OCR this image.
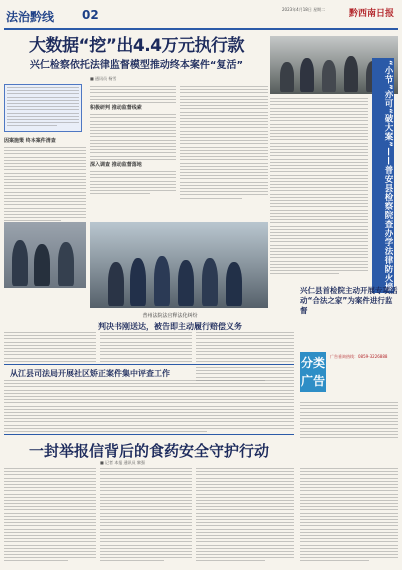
法治黔线 02	2023年4月18日 星期二	黔西南日报
大数据“挖”出4.4万元执行款
兴仁检察依托法律监督模型推动终本案件“复活”
■ 通讯员 杨雪
因案施策 终本案件清查
积极研判 推动监督线索
深入调查 推动监督落地	“小节”亦可“破大案”——普安县检察院查办学法律防火墙
普州法院法官释法化纠纷
判决书刚送达，被告即主动履行赔偿义务
从江县司法局开展社区矫正案件集中评查工作
兴仁县首检院主动开展专项活动“合法之家”为案件进行监督
分类广告
广告垂询热线：0859-3226888
一封举报信背后的食药安全守护行动
■ 记者 本报 通讯员 黎强
